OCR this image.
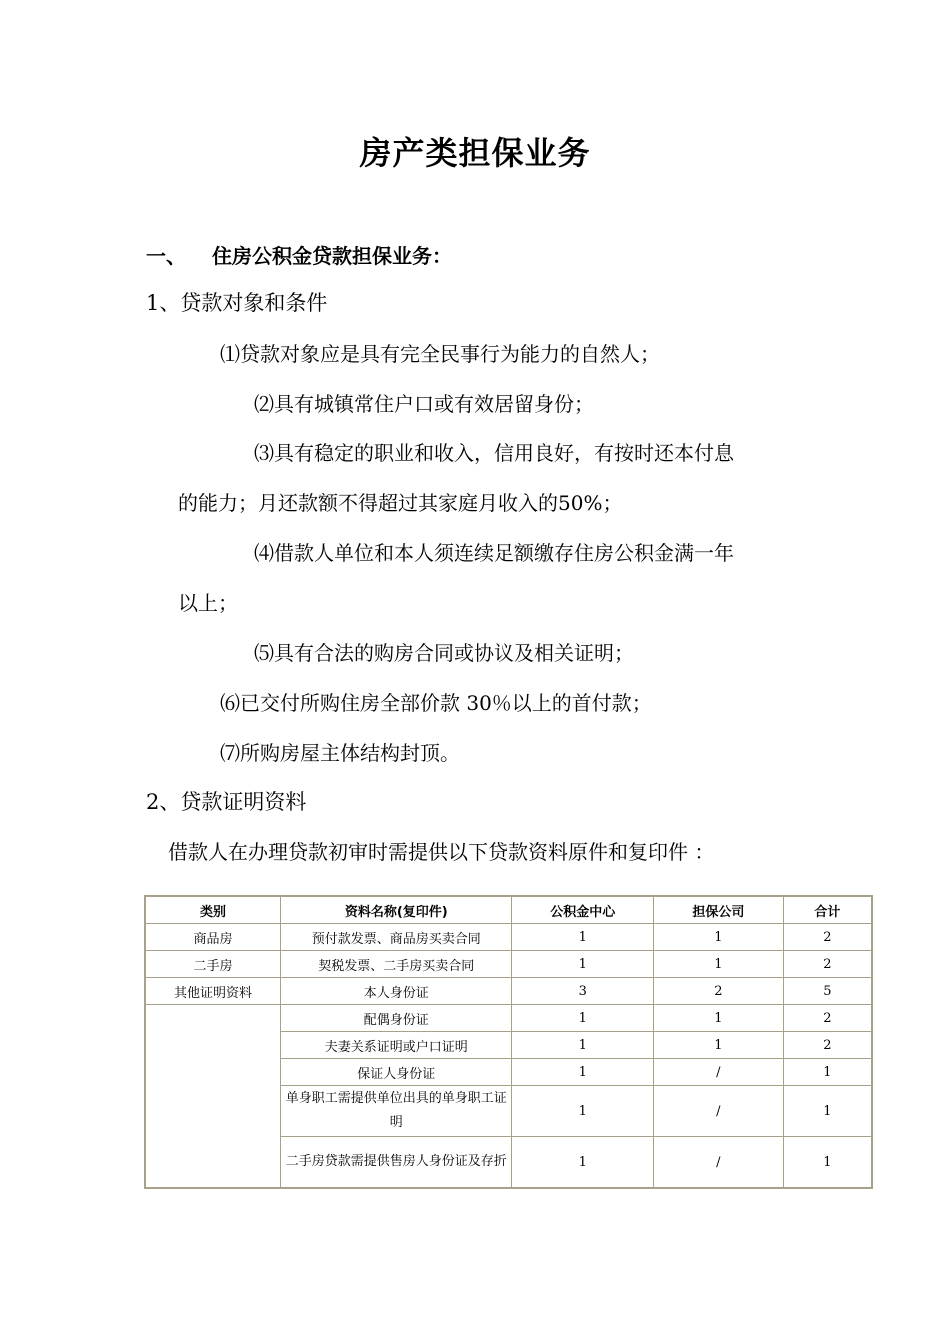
房产类担保业务
一、 住房公积金贷款担保业务：
1、贷款对象和条件
⑴贷款对象应是具有完全民事行为能力的自然人；
⑵具有城镇常住户口或有效居留身份；
⑶具有稳定的职业和收入，信用良好，有按时还本付息
的能力；月还款额不得超过其家庭月收入的50%；
⑷借款人单位和本人须连续足额缴存住房公积金满一年
以上；
⑸具有合法的购房合同或协议及相关证明；
⑹已交付所购住房全部价款 30％以上的首付款；
⑺所购房屋主体结构封顶。
2、贷款证明资料
借款人在办理贷款初审时需提供以下贷款资料原件和复印件 ：
类别	资料名称(复印件)	公积金中心	担保公司	合计
商品房	预付款发票、商品房买卖合同	1	1	2
二手房	契税发票、二手房买卖合同	1	1	2
其他证明资料	本人身份证	3	2	5
	配偶身份证	1	1	2
	夫妻关系证明或户口证明	1	1	2
	保证人身份证	1	/	1
	单身职工需提供单位出具的单身职工证明	1	/	1
	二手房贷款需提供售房人身份证及存折	1	/	1
